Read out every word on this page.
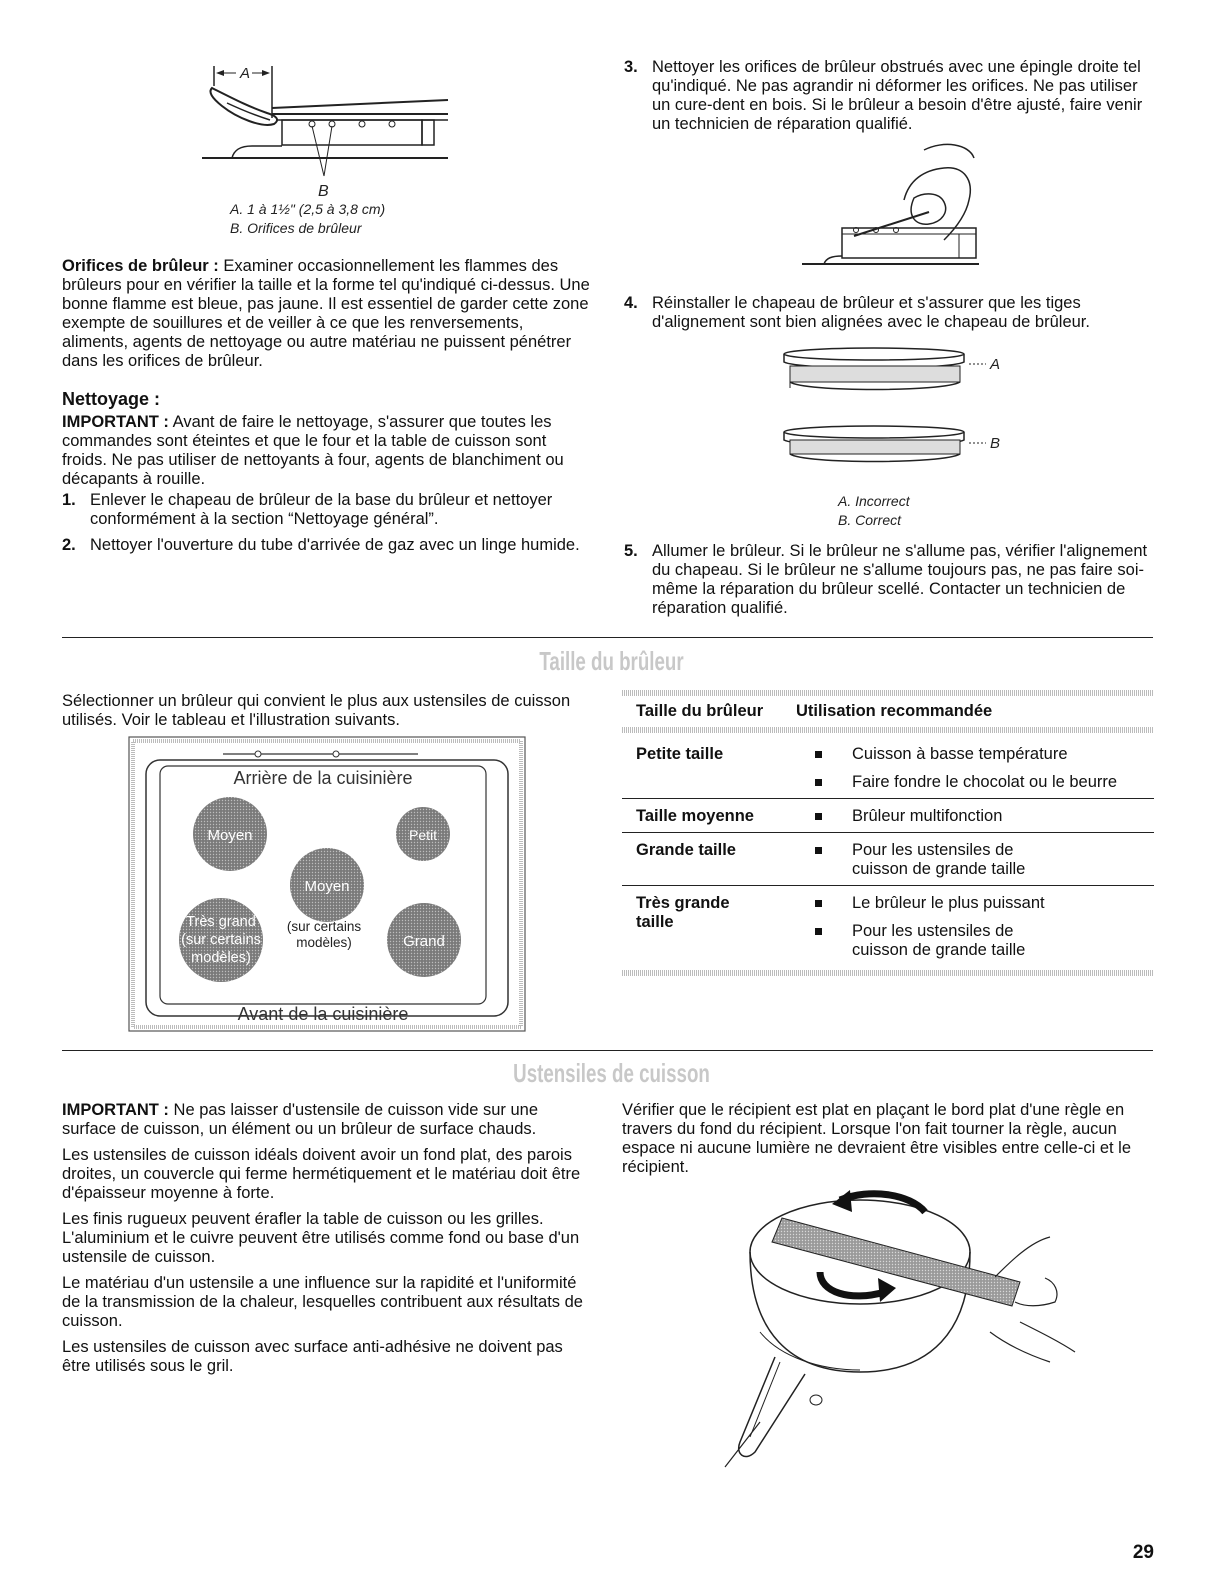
A
B
A. 1 à 1½" (2,5 à 3,8 cm)
B. Orifices de brûleur

Orifices de brûleur : Examiner occasionnellement les flammes des brûleurs pour en vérifier la taille et la forme tel qu'indiqué ci-dessus. Une bonne flamme est bleue, pas jaune. Il est essentiel de garder cette zone exempte de souillures et de veiller à ce que les renversements, aliments, agents de nettoyage ou autre matériau ne puissent pénétrer dans les orifices de brûleur.

Nettoyage :

IMPORTANT : Avant de faire le nettoyage, s'assurer que toutes les commandes sont éteintes et que le four et la table de cuisson sont froids. Ne pas utiliser de nettoyants à four, agents de blanchiment ou décapants à rouille.

1. Enlever le chapeau de brûleur de la base du brûleur et nettoyer conformément à la section “Nettoyage général”.
2. Nettoyer l'ouverture du tube d'arrivée de gaz avec un linge humide.
3. Nettoyer les orifices de brûleur obstrués avec une épingle droite tel qu'indiqué. Ne pas agrandir ni déformer les orifices. Ne pas utiliser un cure-dent en bois. Si le brûleur a besoin d'être ajusté, faire venir un technicien de réparation qualifié.
4. Réinstaller le chapeau de brûleur et s'assurer que les tiges d'alignement sont bien alignées avec le chapeau de brûleur.
A
B
A. Incorrect
B. Correct
5. Allumer le brûleur. Si le brûleur ne s'allume pas, vérifier l'alignement du chapeau. Si le brûleur ne s'allume toujours pas, ne pas faire soi-même la réparation du brûleur scellé. Contacter un technicien de réparation qualifié.
Taille du brûleur

Sélectionner un brûleur qui convient le plus aux ustensiles de cuisson utilisés. Voir le tableau et l'illustration suivants.

Arrière de la cuisinière
Moyen	Petit
Moyen
(sur certains
modèles)
Très grand
(sur certains
modèles)
Grand
Avant de la cuisinière
Taille du brûleur	Utilisation recommandée
Petite taille	Cuisson à basse température
Faire fondre le chocolat ou le beurre
Taille moyenne	Brûleur multifonction
Grande taille	Pour les ustensiles de cuisson de grande taille
Très grande taille
Le brûleur le plus puissant
Pour les ustensiles de cuisson de grande taille
Ustensiles de cuisson

IMPORTANT : Ne pas laisser d'ustensile de cuisson vide sur une surface de cuisson, un élément ou un brûleur de surface chauds.

Les ustensiles de cuisson idéals doivent avoir un fond plat, des parois droites, un couvercle qui ferme hermétiquement et le matériau doit être d'épaisseur moyenne à forte.

Les finis rugueux peuvent érafler la table de cuisson ou les grilles. L'aluminium et le cuivre peuvent être utilisés comme fond ou base d'un ustensile de cuisson.

Le matériau d'un ustensile a une influence sur la rapidité et l'uniformité de la transmission de la chaleur, lesquelles contribuent aux résultats de cuisson.

Les ustensiles de cuisson avec surface anti-adhésive ne doivent pas être utilisés sous le gril.

Vérifier que le récipient est plat en plaçant le bord plat d'une règle en travers du fond du récipient. Lorsque l'on fait tourner la règle, aucun espace ni aucune lumière ne devraient être visibles entre celle-ci et le récipient.

29
